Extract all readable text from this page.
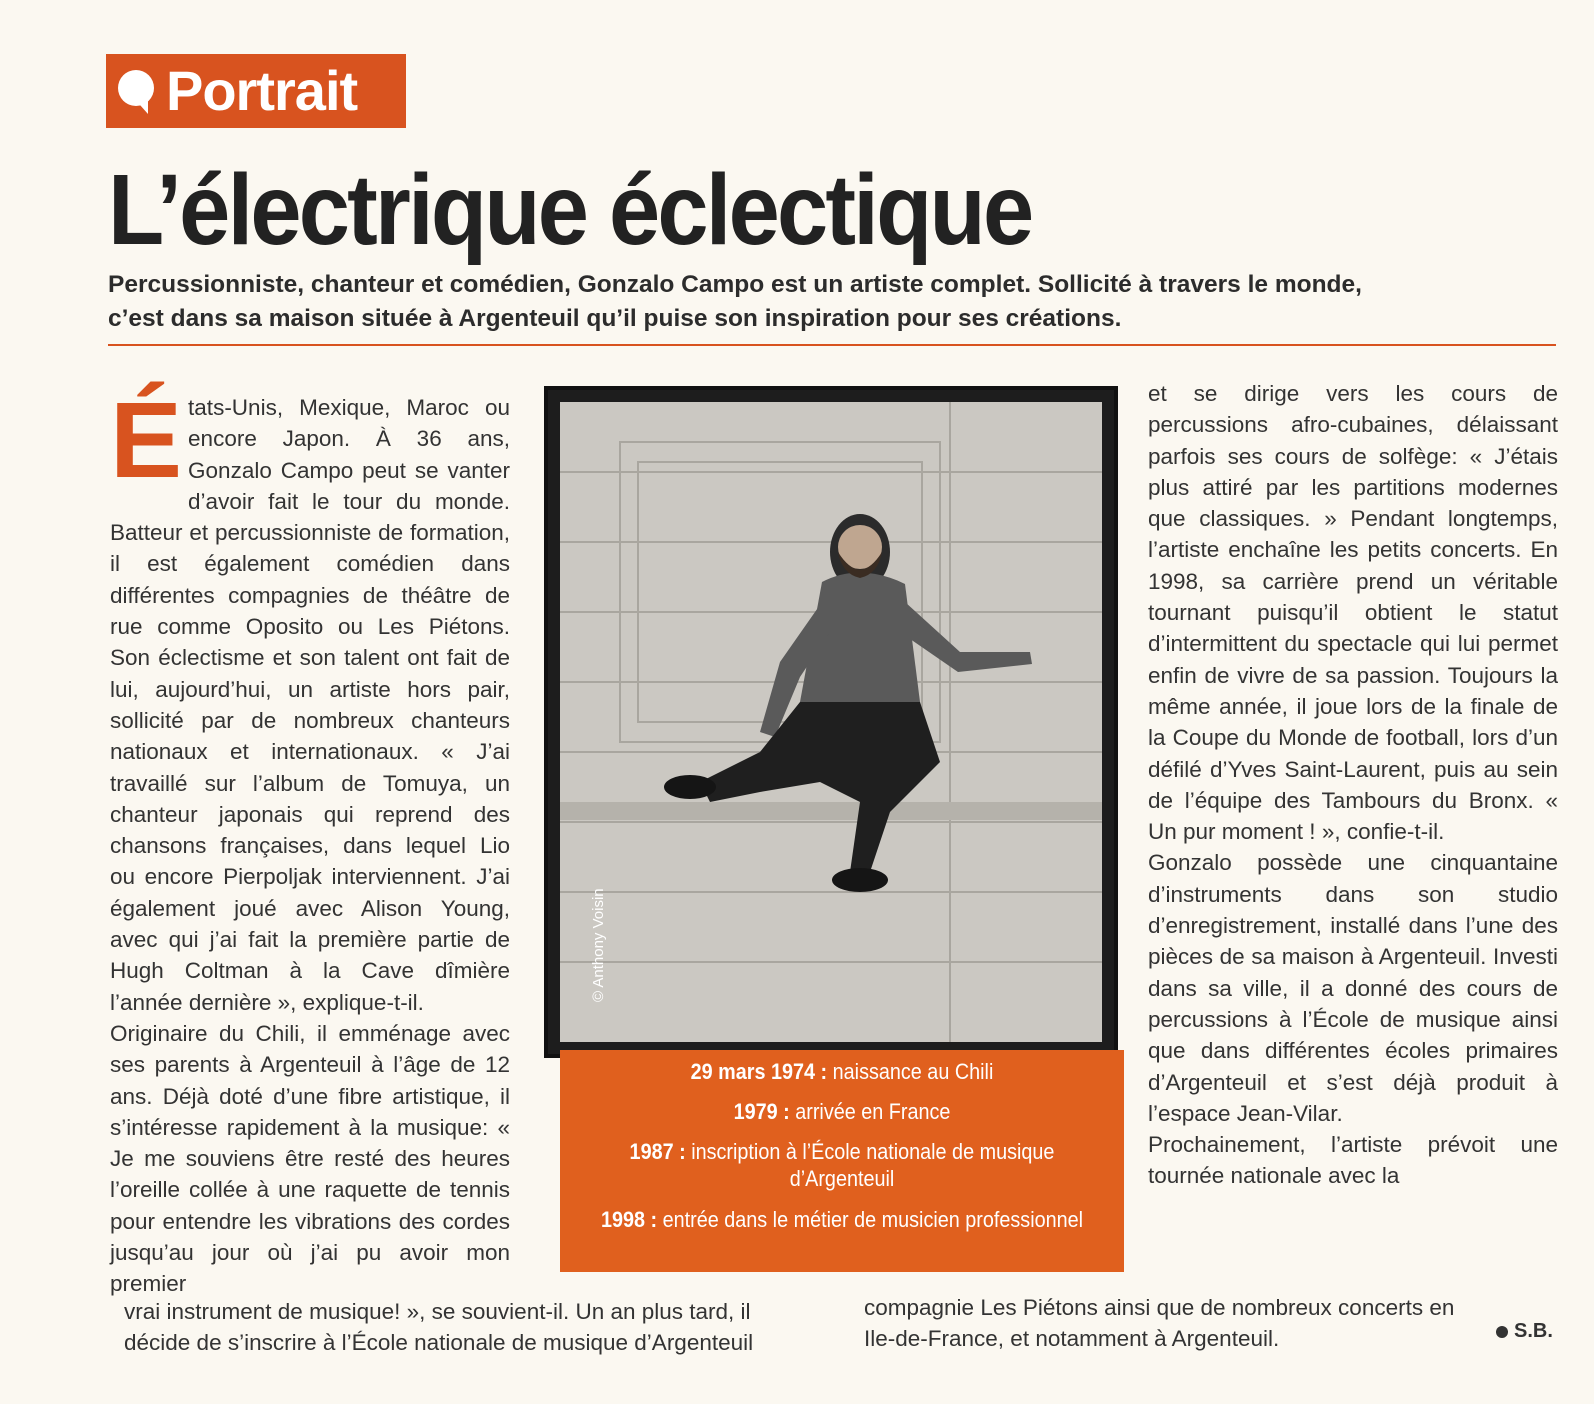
Portrait
L’électrique éclectique
Percussionniste, chanteur et comédien, Gonzalo Campo est un artiste complet. Sollicité à travers le monde,
c’est dans sa maison située à Argenteuil qu’il puise son inspiration pour ses créations.

États-Unis, Mexique, Maroc ou encore Japon. À 36 ans, Gonzalo Campo peut se vanter d’avoir fait le tour du monde. Batteur et percussionniste de formation, il est également comédien dans différentes compagnies de théâtre de rue comme Oposito ou Les Piétons. Son éclectisme et son talent ont fait de lui, aujourd’hui, un artiste hors pair, sollicité par de nombreux chanteurs nationaux et internationaux. « J’ai travaillé sur l’album de Tomuya, un chanteur japonais qui reprend des chansons françaises, dans lequel Lio ou encore Pierpoljak interviennent. J’ai également joué avec Alison Young, avec qui j’ai fait la première partie de Hugh Coltman à la Cave dîmière l’année dernière », explique-t-il.

Originaire du Chili, il emménage avec ses parents à Argenteuil à l’âge de 12 ans. Déjà doté d’une fibre artistique, il s’intéresse rapidement à la musique: « Je me souviens être resté des heures l’oreille collée à une raquette de tennis pour entendre les vibrations des cordes jusqu’au jour où j’ai pu avoir mon premier

vrai instrument de musique! », se souvient-il. Un an plus tard, il
décide de s’inscrire à l’École nationale de musique d’Argenteuil
© Anthony Voisin
29 mars 1974 : naissance au Chili
1979 : arrivée en France
1987 : inscription à l’École nationale de musique d’Argenteuil
1998 : entrée dans le métier de musicien professionnel

et se dirige vers les cours de percussions afro-cubaines, délaissant parfois ses cours de solfège: « J’étais plus attiré par les partitions modernes que classiques. » Pendant longtemps, l’artiste enchaîne les petits concerts. En 1998, sa carrière prend un véritable tournant puisqu’il obtient le statut d’intermittent du spectacle qui lui permet enfin de vivre de sa passion. Toujours la même année, il joue lors de la finale de la Coupe du Monde de football, lors d’un défilé d’Yves Saint-Laurent, puis au sein de l’équipe des Tambours du Bronx. « Un pur moment ! », confie-t-il.

Gonzalo possède une cinquantaine d’instruments dans son studio d’enregistrement, installé dans l’une des pièces de sa maison à Argenteuil. Investi dans sa ville, il a donné des cours de percussions à l’École de musique ainsi que dans différentes écoles primaires d’Argenteuil et s’est déjà produit à l’espace Jean-Vilar.

Prochainement, l’artiste prévoit une tournée nationale avec la

compagnie Les Piétons ainsi que de nombreux concerts en
Ile-de-France, et notamment à Argenteuil.	S.B.
